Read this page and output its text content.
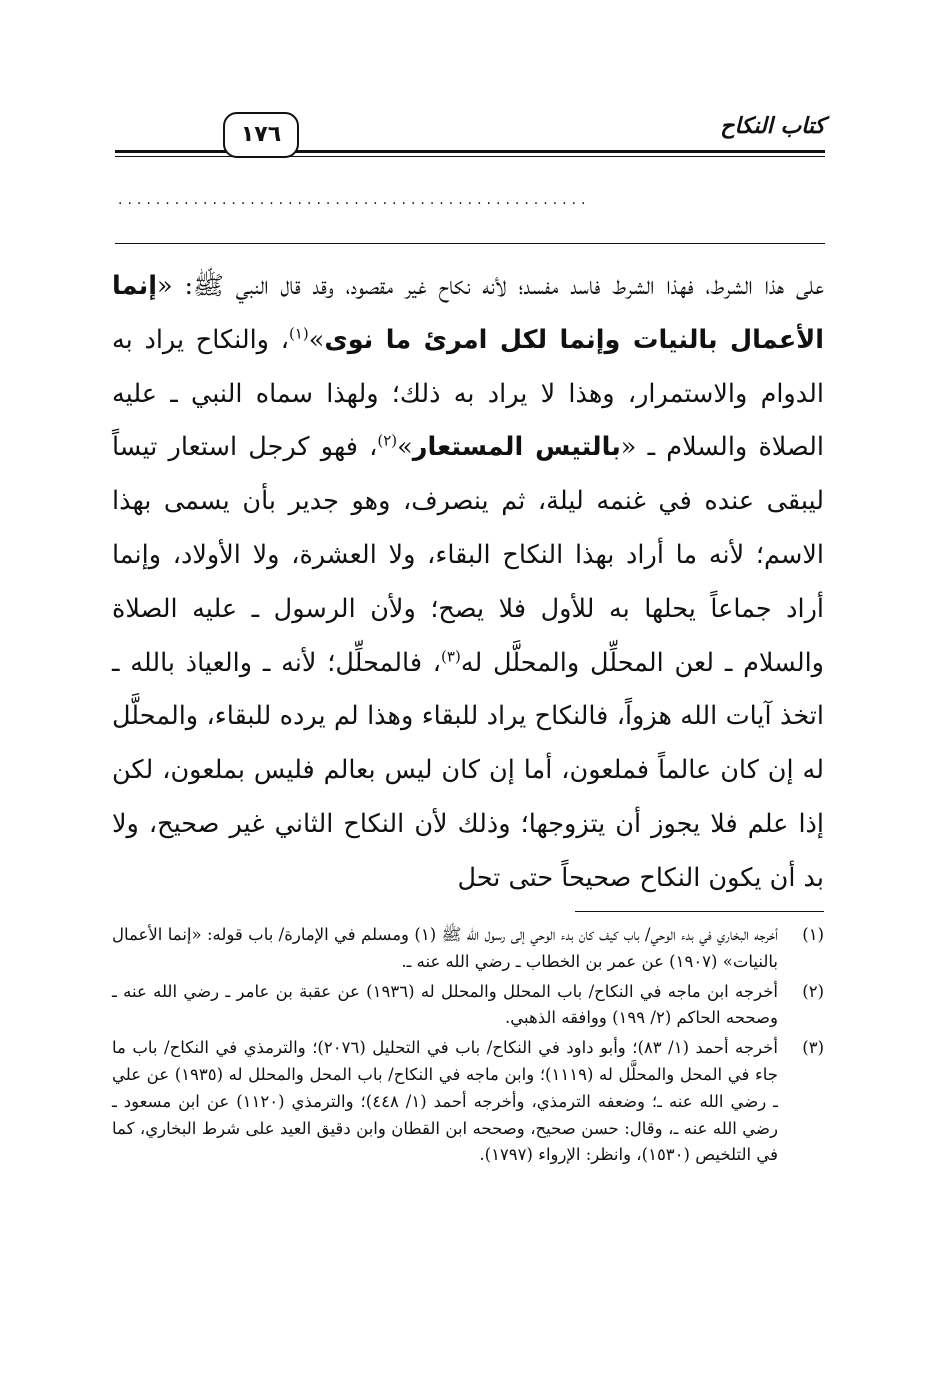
كتاب النكاح
١٧٦
..................................................
على هذا الشرط، فهذا الشرط فاسد مفسد؛ لأنه نكاح غير مقصود، وقد قال النبي ﷺ: «إنما الأعمال بالنيات وإنما لكل امرئ ما نوى»$^{(١)}$، والنكاح يراد به الدوام والاستمرار، وهذا لا يراد به ذلك؛ ولهذا سماه النبي ـ عليه الصلاة والسلام ـ «بالتيس المستعار»$^{(٢)}$، فهو كرجل استعار تيساً ليبقى عنده في غنمه ليلة، ثم ينصرف، وهو جدير بأن يسمى بهذا الاسم؛ لأنه ما أراد بهذا النكاح البقاء، ولا العشرة، ولا الأولاد، وإنما أراد جماعاً يحلها به للأول فلا يصح؛ ولأن الرسول ـ عليه الصلاة والسلام ـ لعن المحلِّل والمحلَّل له$^{(٣)}$، فالمحلِّل؛ لأنه ـ والعياذ بالله ـ اتخذ آيات الله هزواً، فالنكاح يراد للبقاء وهذا لم يرده للبقاء، والمحلَّل له إن كان عالماً فملعون، أما إن كان ليس بعالم فليس بملعون، لكن إذا علم فلا يجوز أن يتزوجها؛ وذلك لأن النكاح الثاني غير صحيح، ولا بد أن يكون النكاح صحيحاً حتى تحل
(١)
أخرجه البخاري في بدء الوحي/ باب كيف كان بدء الوحي إلى رسول الله ﷺ (١) ومسلم في الإمارة/ باب قوله: «إنما الأعمال بالنيات» (١٩٠٧) عن عمر بن الخطاب ـ رضي الله عنه ـ.
(٢)
أخرجه ابن ماجه في النكاح/ باب المحلل والمحلل له (١٩٣٦) عن عقبة بن عامر ـ رضي الله عنه ـ وصححه الحاكم (٢/ ١٩٩) ووافقه الذهبي.
(٣)
أخرجه أحمد (١/ ٨٣)؛ وأبو داود في النكاح/ باب في التحليل (٢٠٧٦)؛ والترمذي في النكاح/ باب ما جاء في المحل والمحلَّل له (١١١٩)؛ وابن ماجه في النكاح/ باب المحل والمحلل له (١٩٣٥) عن علي ـ رضي الله عنه ـ؛ وضعفه الترمذي، وأخرجه أحمد (١/ ٤٤٨)؛ والترمذي (١١٢٠) عن ابن مسعود ـ رضي الله عنه ـ، وقال: حسن صحيح، وصححه ابن القطان وابن دقيق العيد على شرط البخاري، كما في التلخيص (١٥٣٠)، وانظر: الإرواء (١٧٩٧).
